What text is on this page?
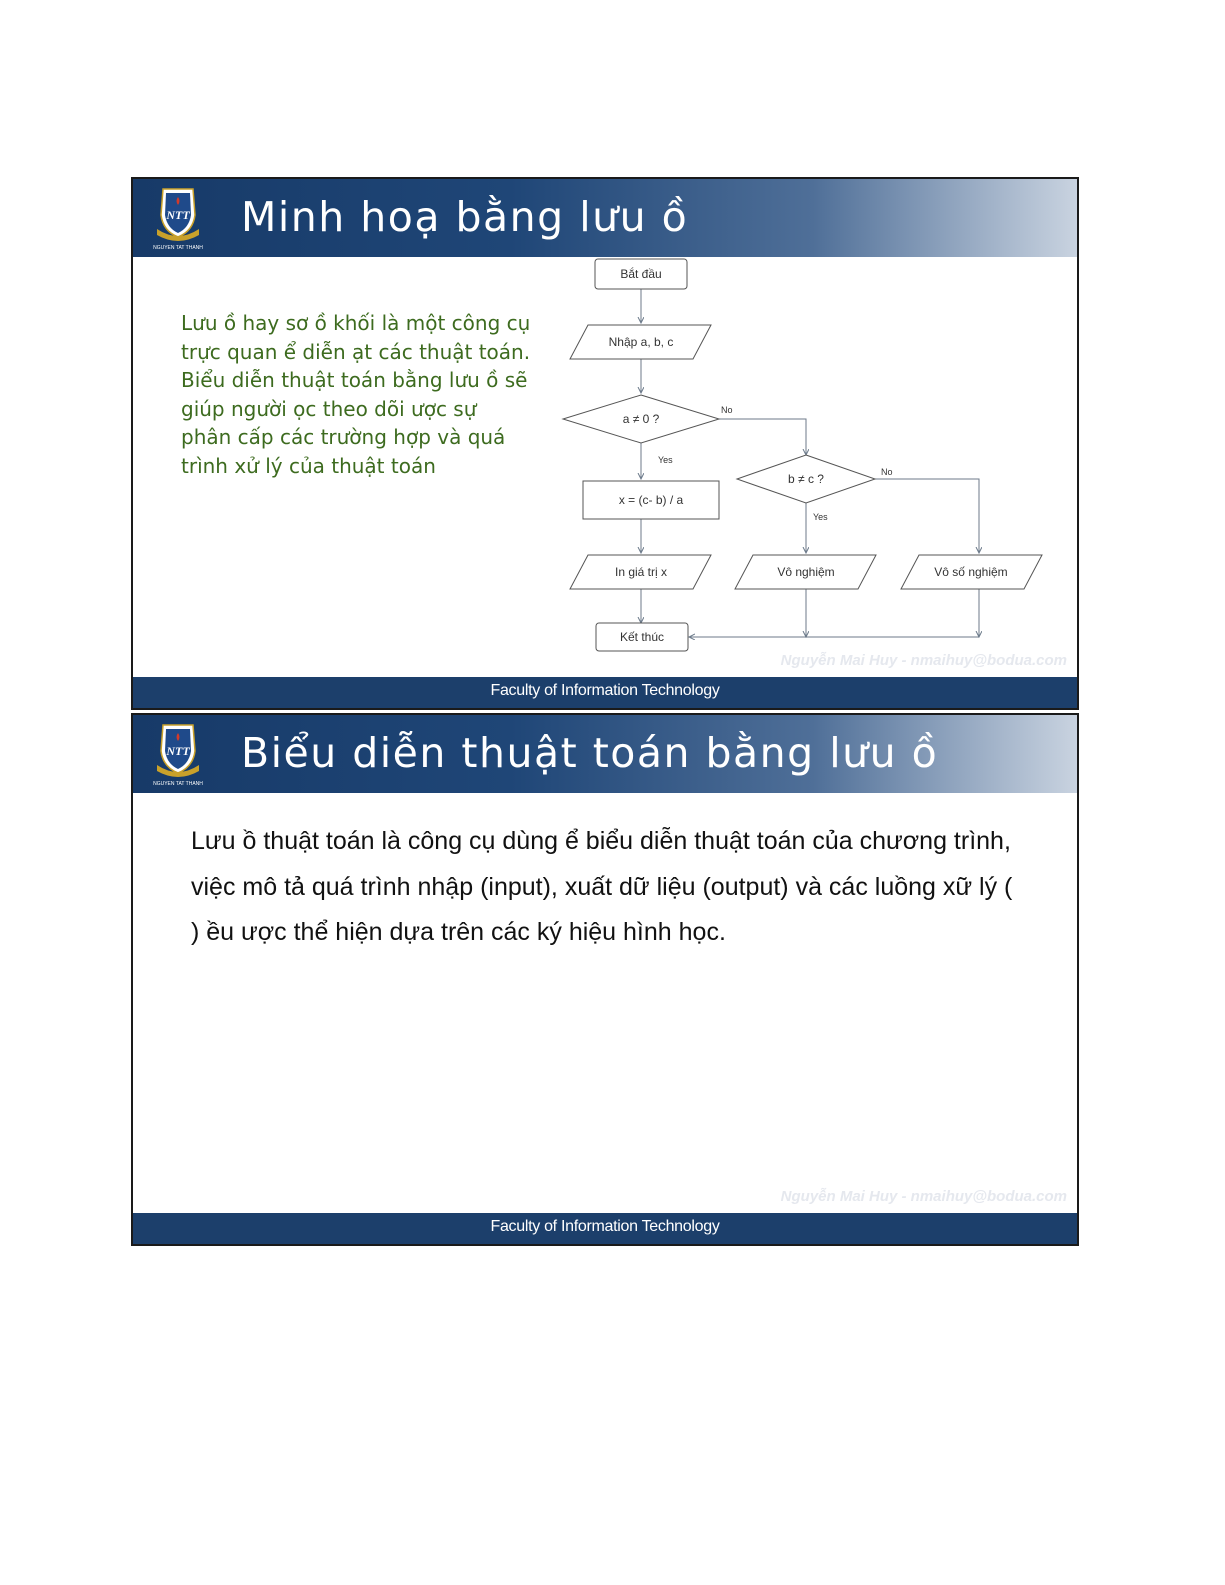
NTT
NGUYEN TAT THANH
Minh hoạ bằng lưu ồ
Lưu ồ hay sơ ồ khối là một công cụ trực quan ể diễn ạt các thuật toán. Biểu diễn thuật toán bằng lưu ồ sẽ giúp người ọc theo dõi ược sự phân cấp các trường hợp và quá trình xử lý của thuật toán
Bắt đầu
Nhập a, b, c
a ≠ 0 ?
x = (c- b) / a
b ≠ c ?
In giá trị x	Vô nghiệm	Vô số nghiệm
Kết thúc
Yes
No
Yes
No
Nguyễn Mai Huy - nmaihuy@bodua.com
Faculty of Information Technology
NTT
NGUYEN TAT THANH
Biểu diễn thuật toán bằng lưu ồ
Lưu ồ thuật toán là công cụ dùng ể biểu diễn thuật toán của chương trình, việc mô tả quá trình nhập (input), xuất dữ liệu (output) và các luồng xữ lý ( ) ều ược thể hiện dựa trên các ký hiệu hình học.
Nguyễn Mai Huy - nmaihuy@bodua.com
Faculty of Information Technology
